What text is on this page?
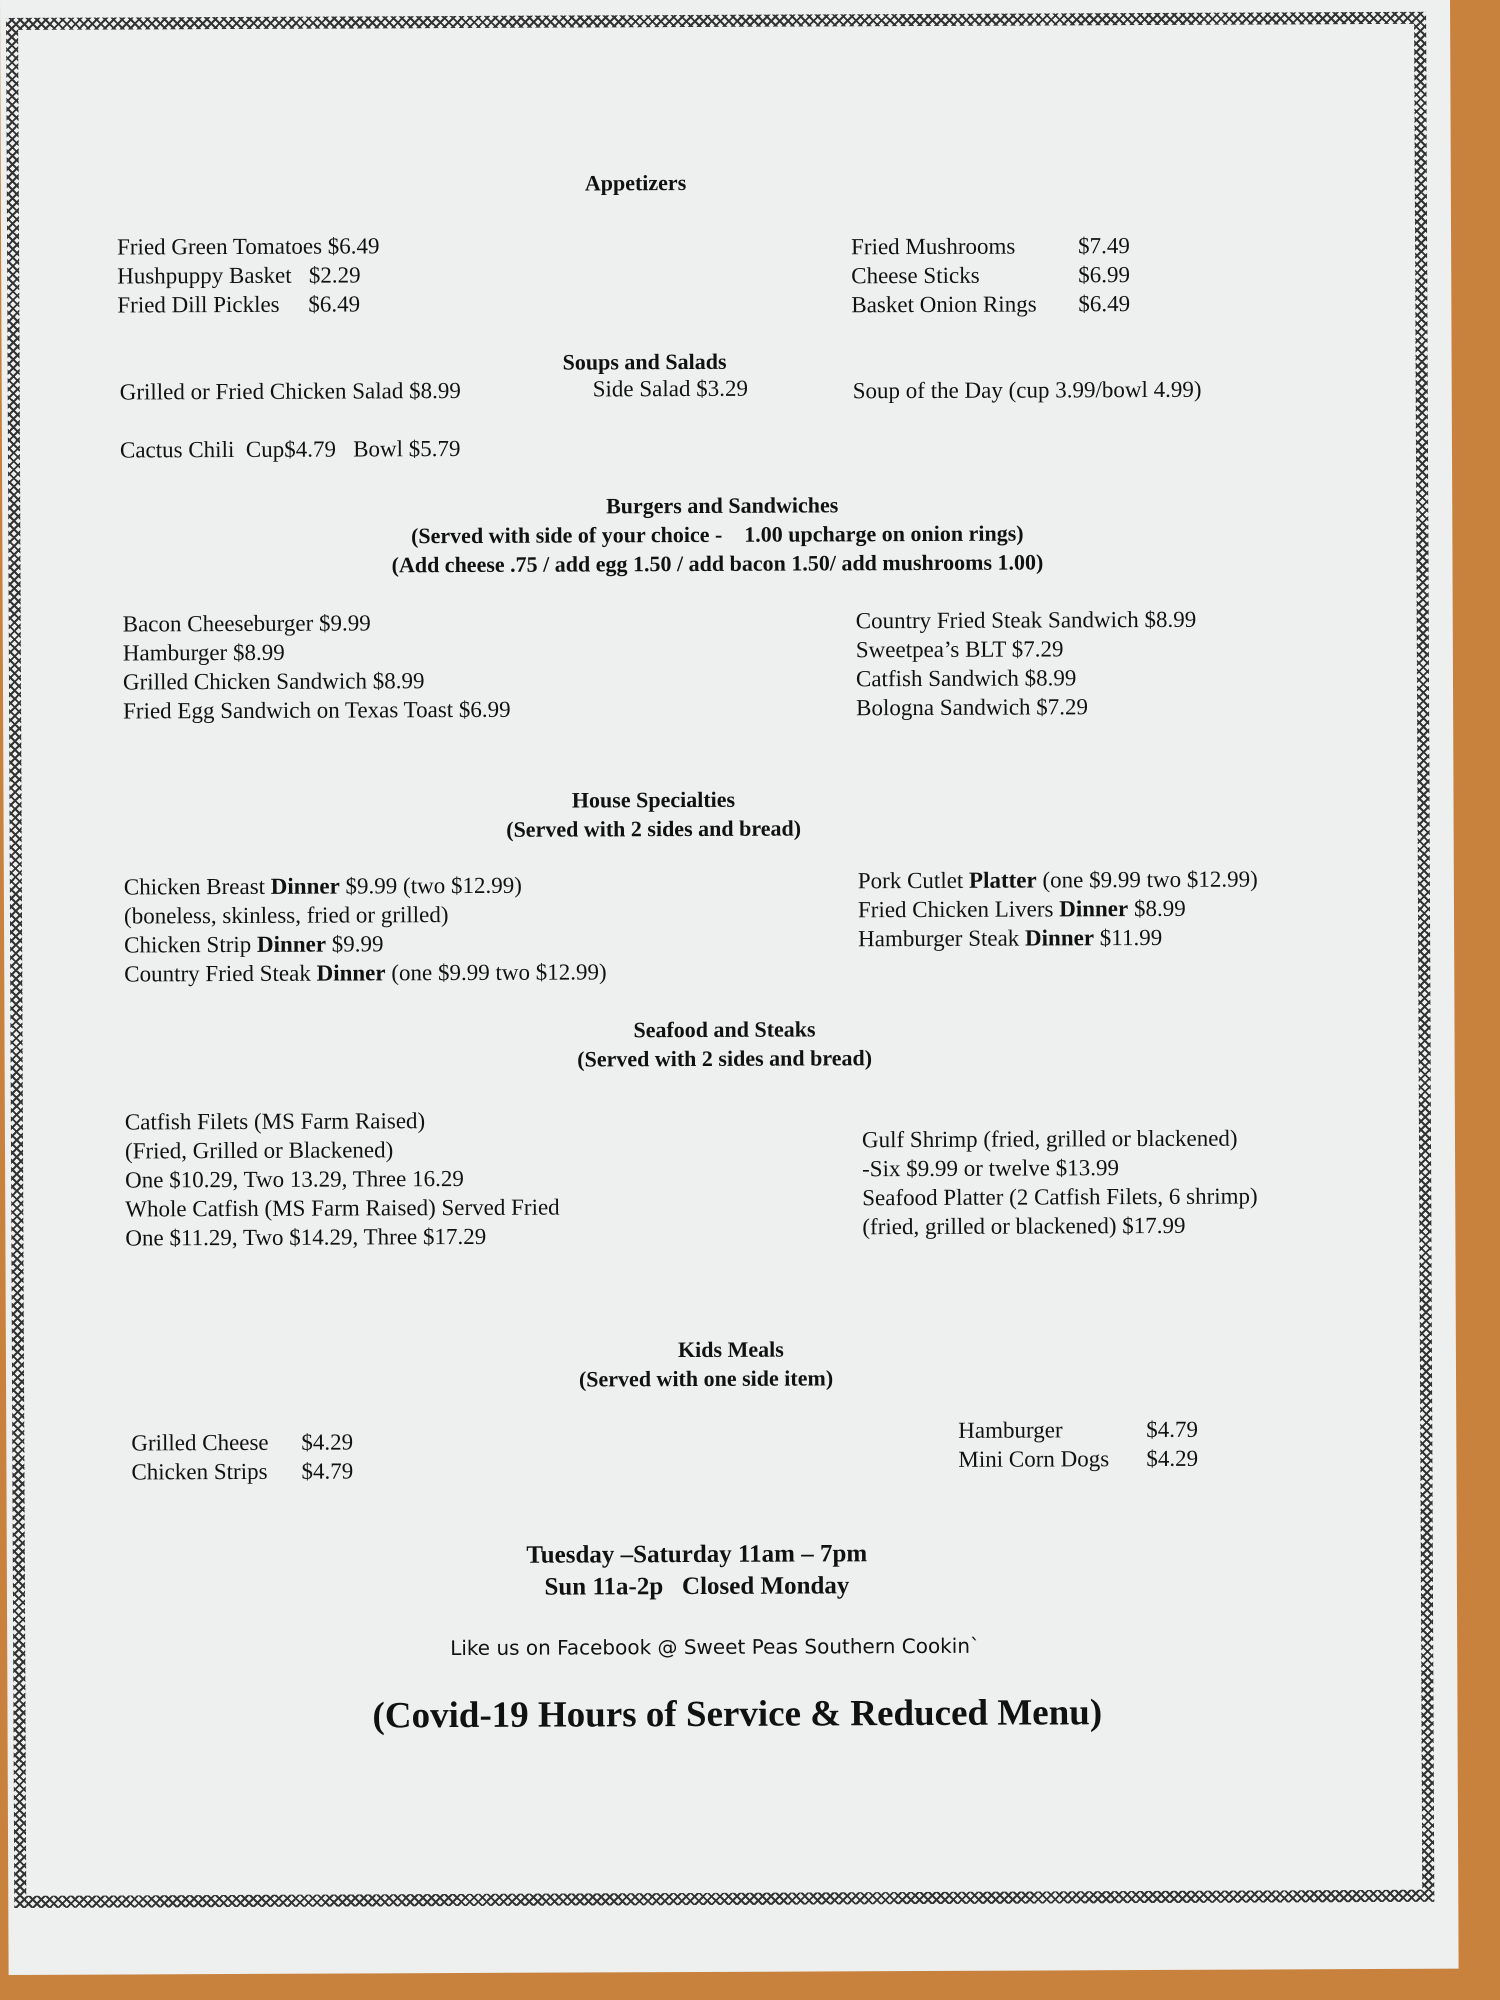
Appetizers
Fried Green Tomatoes $6.49
Hushpuppy Basket   $2.29
Fried Dill Pickles     $6.49
Fried Mushrooms	$7.49
Cheese Sticks	$6.99
Basket Onion Rings	$6.49
Soups and Salads
Grilled or Fried Chicken Salad $8.99	Side Salad $3.29	Soup of the Day (cup 3.99/bowl 4.99)
Cactus Chili  Cup$4.79   Bowl $5.79
Burgers and Sandwiches
(Served with side of your choice -    1.00 upcharge on onion rings)
(Add cheese .75 / add egg 1.50 / add bacon 1.50/ add mushrooms 1.00)
Bacon Cheeseburger $9.99
Hamburger $8.99
Grilled Chicken Sandwich $8.99
Fried Egg Sandwich on Texas Toast $6.99
Country Fried Steak Sandwich $8.99
Sweetpea’s BLT $7.29
Catfish Sandwich $8.99
Bologna Sandwich $7.29
House Specialties
(Served with 2 sides and bread)
Chicken Breast Dinner $9.99 (two $12.99)
(boneless, skinless, fried or grilled)
Chicken Strip Dinner $9.99
Country Fried Steak Dinner (one $9.99 two $12.99)
Pork Cutlet Platter (one $9.99 two $12.99)
Fried Chicken Livers Dinner $8.99
Hamburger Steak Dinner $11.99
Seafood and Steaks
(Served with 2 sides and bread)
Catfish Filets (MS Farm Raised)
(Fried, Grilled or Blackened)
One $10.29, Two 13.29, Three 16.29
Whole Catfish (MS Farm Raised) Served Fried
One $11.29, Two $14.29, Three $17.29
Gulf Shrimp (fried, grilled or blackened)
-Six $9.99 or twelve $13.99
Seafood Platter (2 Catfish Filets, 6 shrimp)
(fried, grilled or blackened) $17.99
Kids Meals
(Served with one side item)
Grilled Cheese	$4.29
Chicken Strips	$4.79
Hamburger	$4.79
Mini Corn Dogs	$4.29
Tuesday –Saturday 11am – 7pm
Sun 11a-2p   Closed Monday
Like us on Facebook @ Sweet Peas Southern Cookin`
(Covid-19 Hours of Service & Reduced Menu)
